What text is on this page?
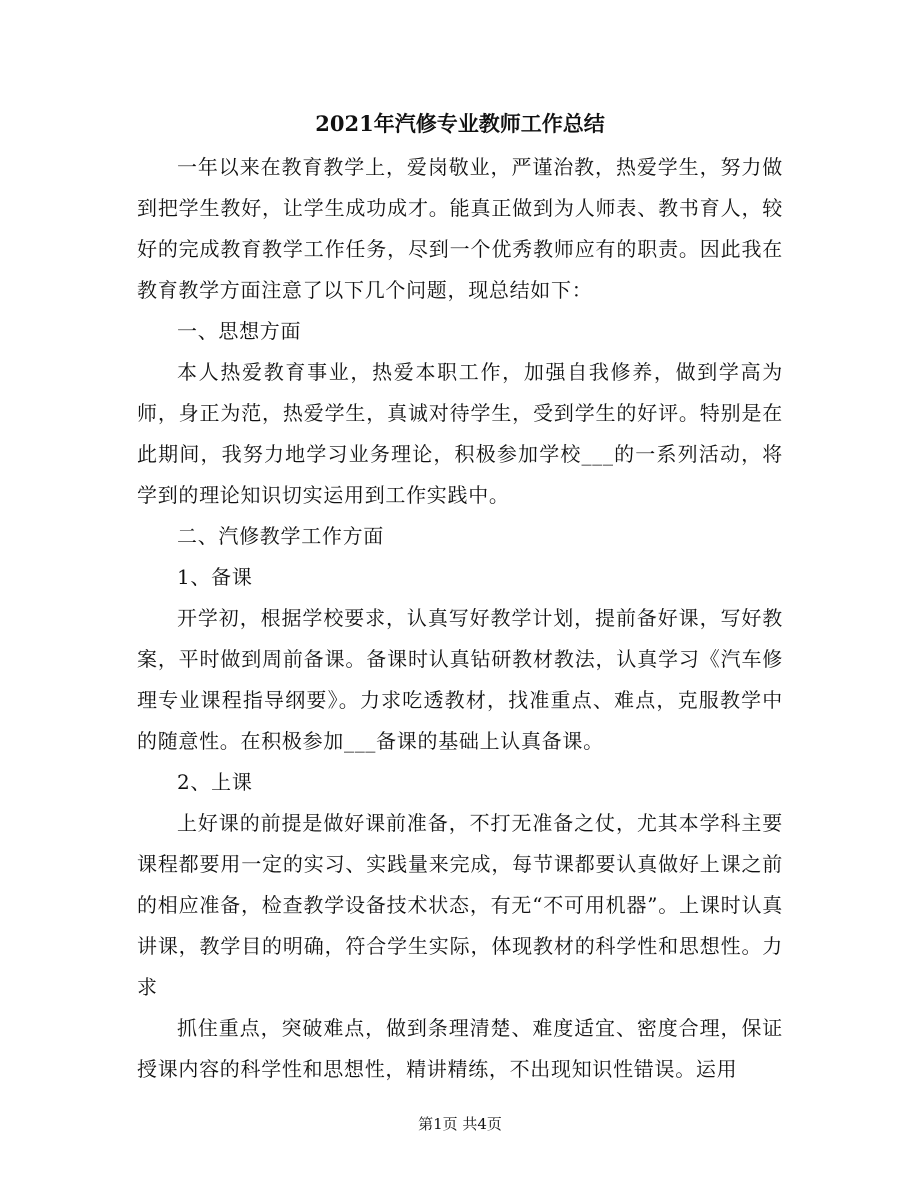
2021年汽修专业教师工作总结

一年以来在教育教学上，爱岗敬业，严谨治教，热爱学生，努力做到把学生教好，让学生成功成才。能真正做到为人师表、教书育人，较好的完成教育教学工作任务，尽到一个优秀教师应有的职责。因此我在教育教学方面注意了以下几个问题，现总结如下：

一、思想方面

本人热爱教育事业，热爱本职工作，加强自我修养，做到学高为师，身正为范，热爱学生，真诚对待学生，受到学生的好评。特别是在此期间，我努力地学习业务理论，积极参加学校___的一系列活动，将学到的理论知识切实运用到工作实践中。

二、汽修教学工作方面

1、备课

开学初，根据学校要求，认真写好教学计划，提前备好课，写好教案，平时做到周前备课。备课时认真钻研教材教法，认真学习《汽车修理专业课程指导纲要》。力求吃透教材，找准重点、难点，克服教学中的随意性。在积极参加___备课的基础上认真备课。

2、上课

上好课的前提是做好课前准备，不打无准备之仗，尤其本学科主要课程都要用一定的实习、实践量来完成，每节课都要认真做好上课之前的相应准备，检查教学设备技术状态，有无“不可用机器”。上课时认真讲课，教学目的明确，符合学生实际，体现教材的科学性和思想性。力求

抓住重点，突破难点，做到条理清楚、难度适宜、密度合理，保证授课内容的科学性和思想性，精讲精练，不出现知识性错误。运用

第1页 共4页
